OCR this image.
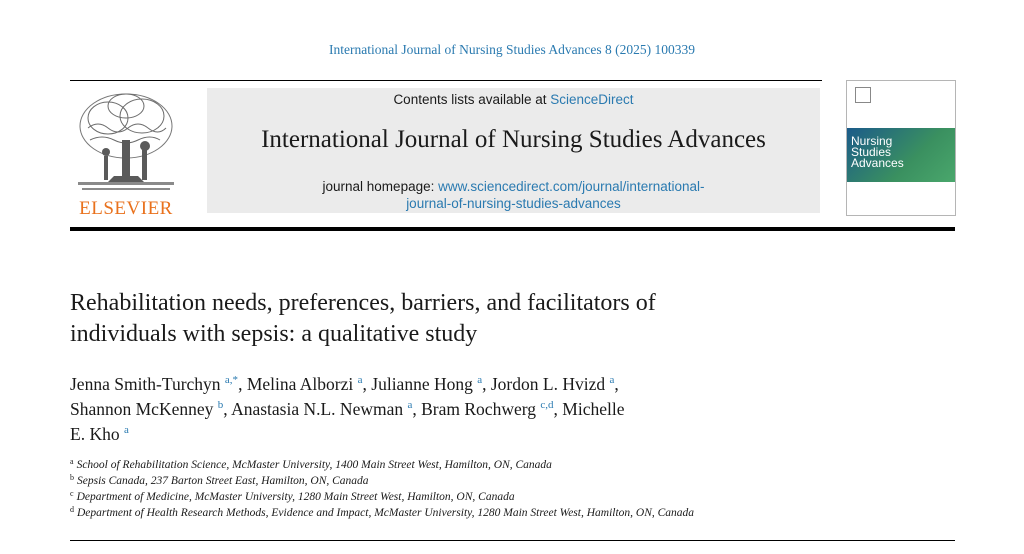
International Journal of Nursing Studies Advances 8 (2025) 100339
ELSEVIER
Contents lists available at ScienceDirect
International Journal of Nursing Studies Advances
journal homepage: www.sciencedirect.com/journal/international-
journal-of-nursing-studies-advances
Nursing
Studies
Advances
Rehabilitation needs, preferences, barriers, and facilitators of
individuals with sepsis: a qualitative study
Jenna Smith-Turchyn $^{a,*}$, Melina Alborzi $^a$, Julianne Hong $^a$, Jordon L. Hvizd $^a$,
Shannon McKenney $^b$, Anastasia N.L. Newman $^a$, Bram Rochwerg $^{c,d}$, Michelle
E. Kho $^a$
$^a$ School of Rehabilitation Science, McMaster University, 1400 Main Street West, Hamilton, ON, Canada
$^b$ Sepsis Canada, 237 Barton Street East, Hamilton, ON, Canada
$^c$ Department of Medicine, McMaster University, 1280 Main Street West, Hamilton, ON, Canada
$^d$ Department of Health Research Methods, Evidence and Impact, McMaster University, 1280 Main Street West, Hamilton, ON, Canada
